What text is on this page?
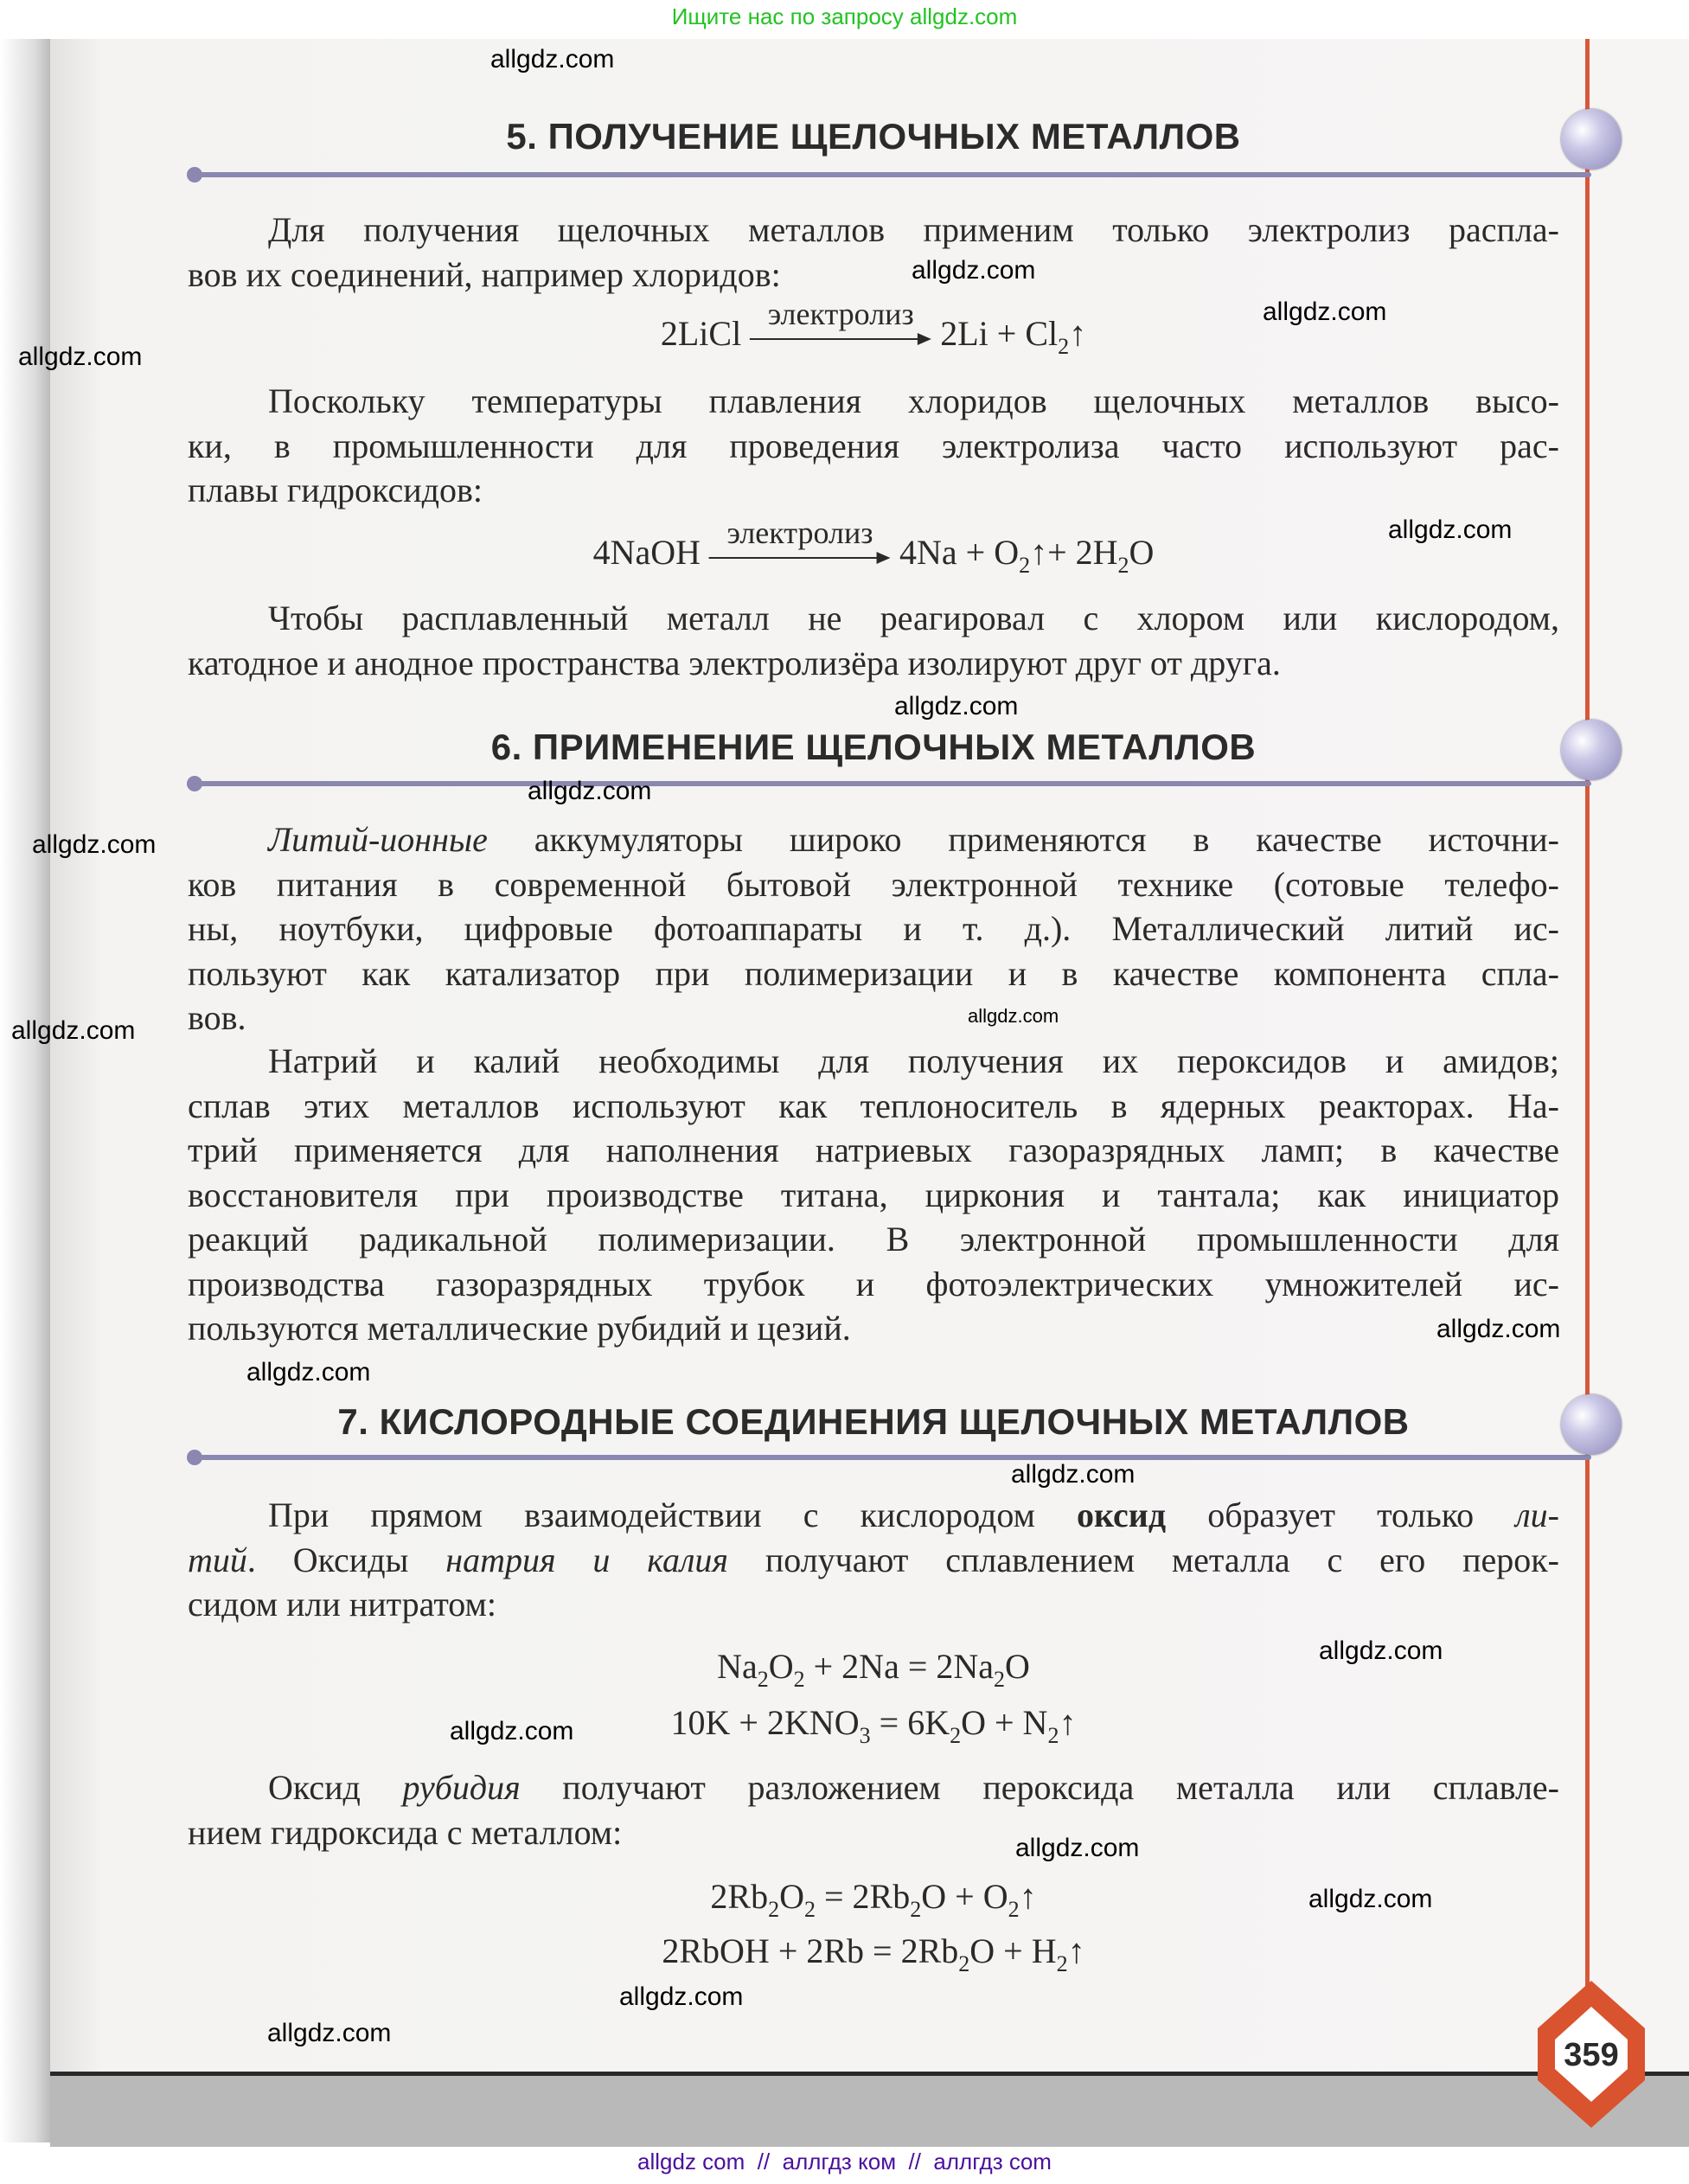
Ищите нас по запросу allgdz.com
5. ПОЛУЧЕНИЕ ЩЕЛОЧНЫХ МЕТАЛЛОВ
Для получения щелочных металлов применим только электролиз распла-
вов их соединений, например хлоридов:
2LiCl
электролиз
$2Li + Cl_2↑$
Поскольку температуры плавления хлоридов щелочных металлов высо-
ки, в промышленности для проведения электролиза часто используют рас-
плавы гидроксидов:
4NaOH
электролиз
$4Na + O_2↑+ 2H_2O$
Чтобы расплавленный металл не реагировал с хлором или кислородом,
катодное и анодное пространства электролизёра изолируют друг от друга.
6. ПРИМЕНЕНИЕ ЩЕЛОЧНЫХ МЕТАЛЛОВ
Литий-ионные аккумуляторы широко применяются в качестве источни-
ков питания в современной бытовой электронной технике (сотовые телефо-
ны, ноутбуки, цифровые фотоаппараты и т. д.). Металлический литий ис-
пользуют как катализатор при полимеризации и в качестве компонента спла-
вов.
Натрий и калий необходимы для получения их пероксидов и амидов;
сплав этих металлов используют как теплоноситель в ядерных реакторах. На-
трий применяется для наполнения натриевых газоразрядных ламп; в качестве
восстановителя при производстве титана, циркония и тантала; как инициатор
реакций радикальной полимеризации. В электронной промышленности для
производства газоразрядных трубок и фотоэлектрических умножителей ис-
пользуются металлические рубидий и цезий.
7. КИСЛОРОДНЫЕ СОЕДИНЕНИЯ ЩЕЛОЧНЫХ МЕТАЛЛОВ
При прямом взаимодействии с кислородом оксид образует только ли-
тий. Оксиды натрия и калия получают сплавлением металла с его перок-
сидом или нитратом:
$Na_2O_2 + 2Na = 2Na_2O$
$10K + 2KNO_3 = 6K_2O$ + $N_2↑$
Оксид рубидия получают разложением пероксида металла или сплавле-
нием гидроксида с металлом:
$2Rb_2O_2 = 2Rb_2O$ + $O_2↑$
2RbOH + $2Rb = 2Rb_2O$ + $H_2↑$
359
allgdz.com
allgdz.com
allgdz.com
allgdz.com
allgdz.com
allgdz.com
allgdz.com
allgdz.com
allgdz.com
allgdz.com
allgdz.com
allgdz.com
allgdz.com
allgdz.com
allgdz.com
allgdz.com
allgdz.com
allgdz.com
allgdz.com
allgdz com  //  аллгдз ком  //  аллгдз com
